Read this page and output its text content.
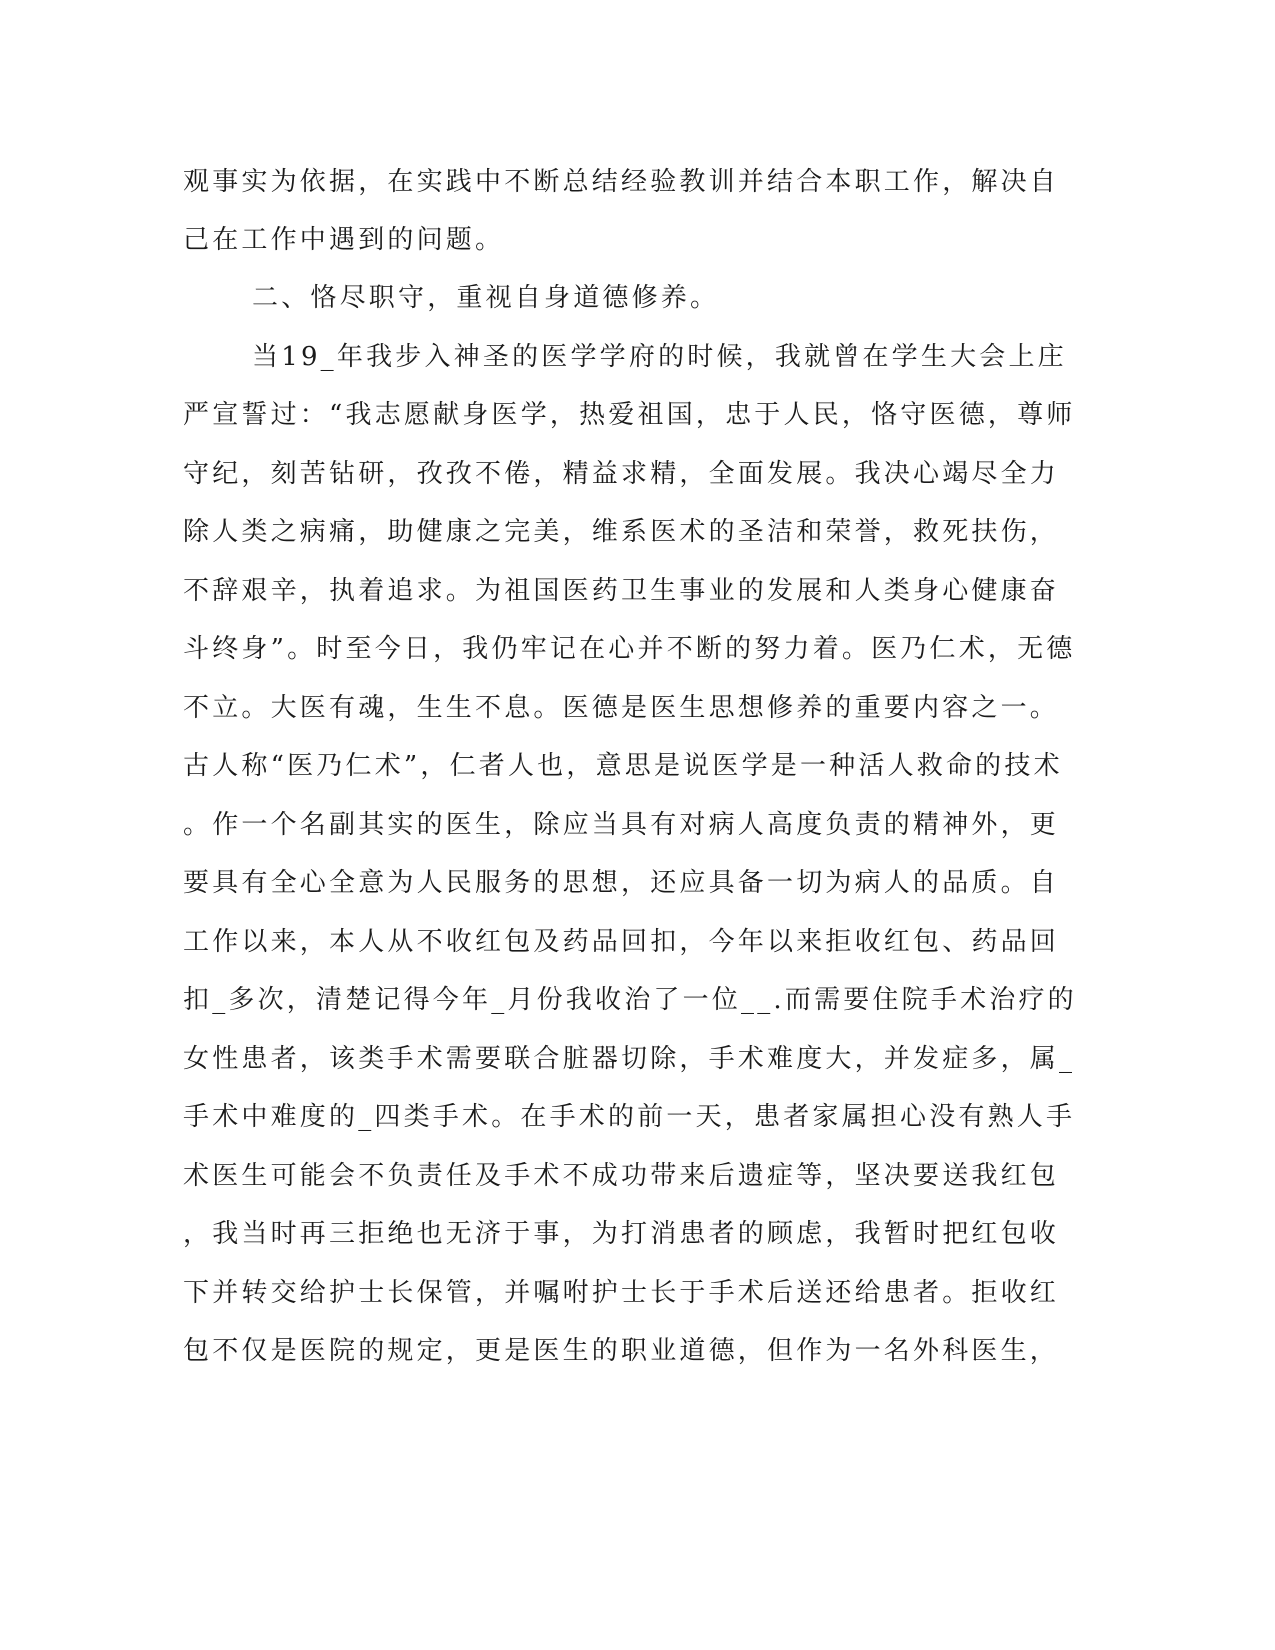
观事实为依据，在实践中不断总结经验教训并结合本职工作，解决自
己在工作中遇到的问题。
二、恪尽职守，重视自身道德修养。
当19_年我步入神圣的医学学府的时候，我就曾在学生大会上庄
严宣誓过：“我志愿献身医学，热爱祖国，忠于人民，恪守医德，尊师
守纪，刻苦钻研，孜孜不倦，精益求精，全面发展。我决心竭尽全力
除人类之病痛，助健康之完美，维系医术的圣洁和荣誉，救死扶伤，
不辞艰辛，执着追求。为祖国医药卫生事业的发展和人类身心健康奋
斗终身”。时至今日，我仍牢记在心并不断的努力着。医乃仁术，无德
不立。大医有魂，生生不息。医德是医生思想修养的重要内容之一。
古人称“医乃仁术”，仁者人也，意思是说医学是一种活人救命的技术
。作一个名副其实的医生，除应当具有对病人高度负责的精神外，更
要具有全心全意为人民服务的思想，还应具备一切为病人的品质。自
工作以来，本人从不收红包及药品回扣，今年以来拒收红包、药品回
扣_多次，清楚记得今年_月份我收治了一位__.而需要住院手术治疗的
女性患者，该类手术需要联合脏器切除，手术难度大，并发症多，属_
手术中难度的_四类手术。在手术的前一天，患者家属担心没有熟人手
术医生可能会不负责任及手术不成功带来后遗症等，坚决要送我红包
，我当时再三拒绝也无济于事，为打消患者的顾虑，我暂时把红包收
下并转交给护士长保管，并嘱咐护士长于手术后送还给患者。拒收红
包不仅是医院的规定，更是医生的职业道德，但作为一名外科医生，
